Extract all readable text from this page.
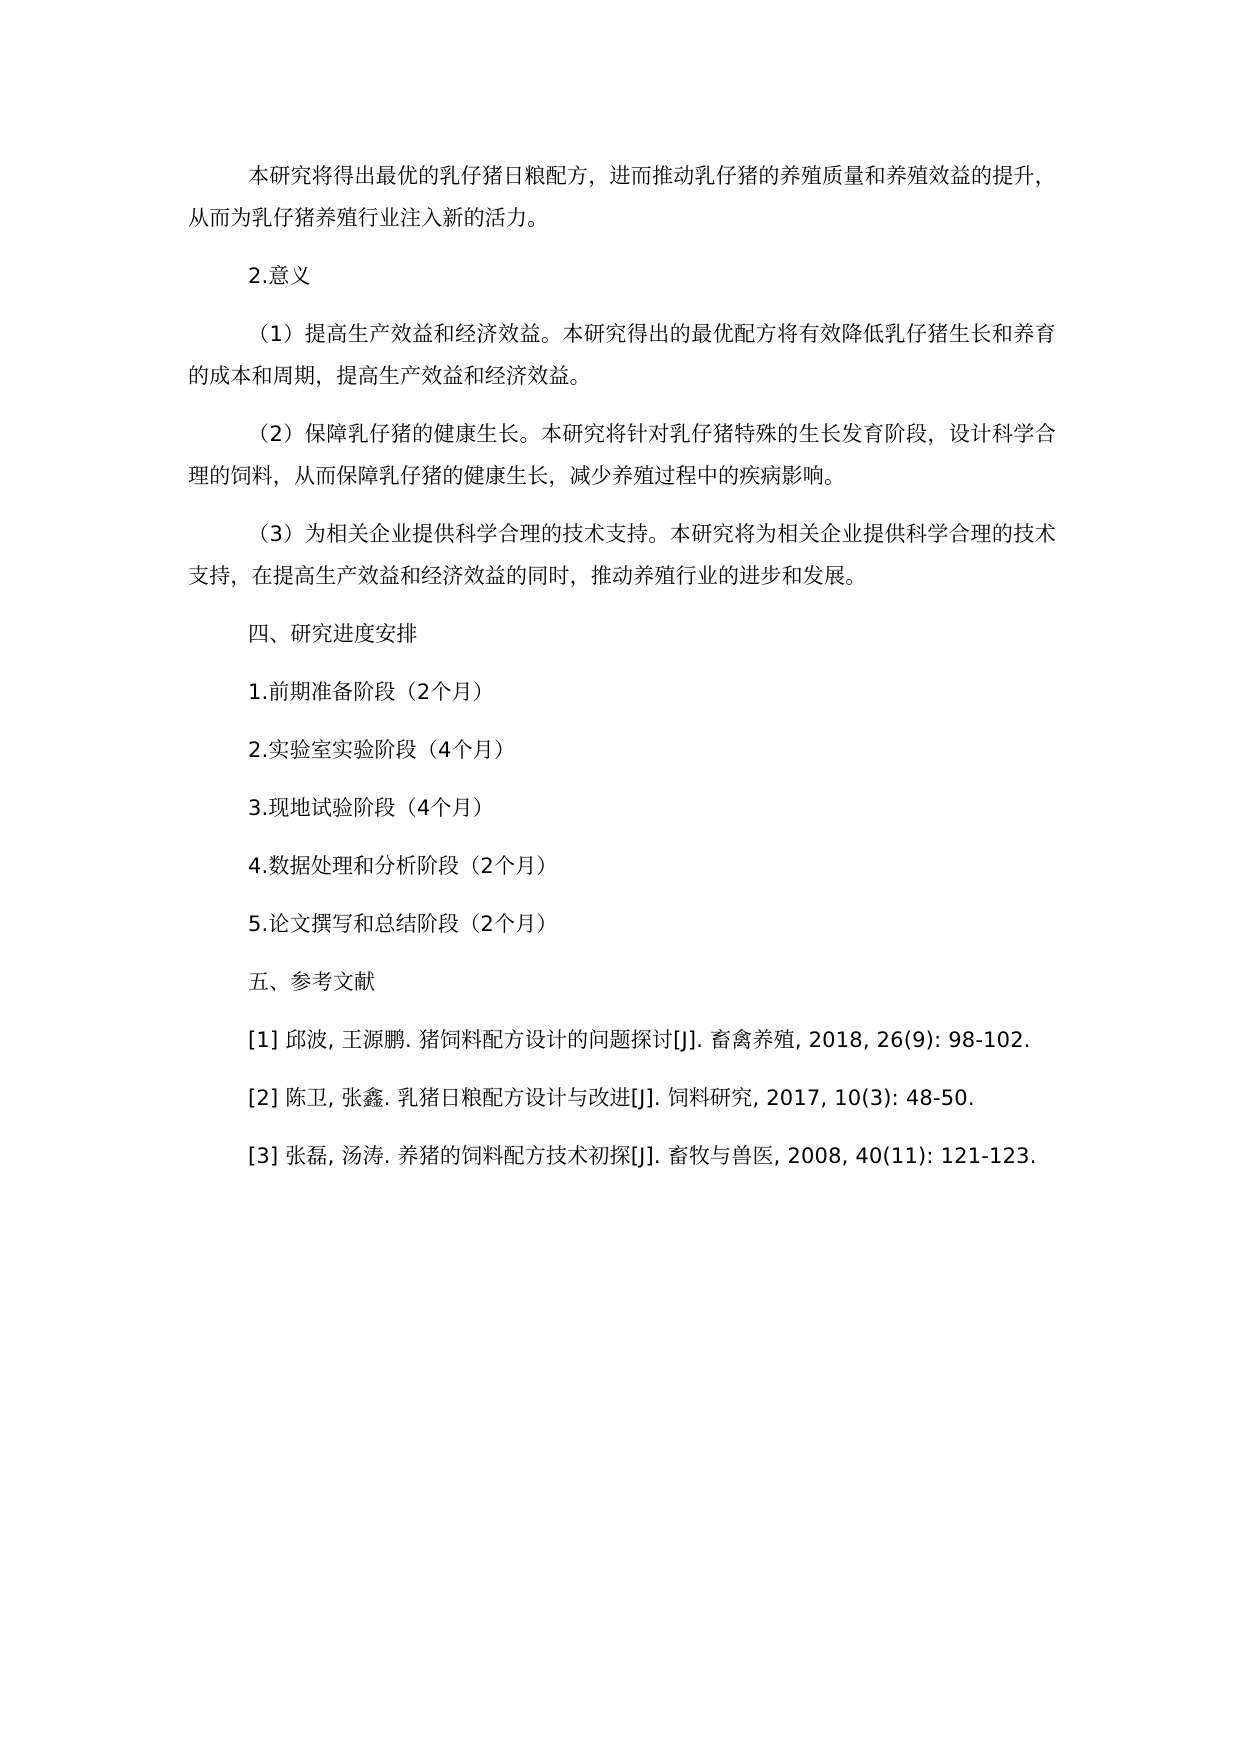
本研究将得出最优的乳仔猪日粮配方，进而推动乳仔猪的养殖质量和养殖效益的提升，从而为乳仔猪养殖行业注入新的活力。

2.意义

（1）提高生产效益和经济效益。本研究得出的最优配方将有效降低乳仔猪生长和养育的成本和周期，提高生产效益和经济效益。

（2）保障乳仔猪的健康生长。本研究将针对乳仔猪特殊的生长发育阶段，设计科学合理的饲料，从而保障乳仔猪的健康生长，减少养殖过程中的疾病影响。

（3）为相关企业提供科学合理的技术支持。本研究将为相关企业提供科学合理的技术支持，在提高生产效益和经济效益的同时，推动养殖行业的进步和发展。

四、研究进度安排

1.前期准备阶段（2个月）

2.实验室实验阶段（4个月）

3.现地试验阶段（4个月）

4.数据处理和分析阶段（2个月）

5.论文撰写和总结阶段（2个月）

五、参考文献

[1] 邱波, 王源鹏. 猪饲料配方设计的问题探讨[J]. 畜禽养殖, 2018, 26(9): 98-102.

[2] 陈卫, 张鑫. 乳猪日粮配方设计与改进[J]. 饲料研究, 2017, 10(3): 48-50.

[3] 张磊, 汤涛. 养猪的饲料配方技术初探[J]. 畜牧与兽医, 2008, 40(11): 121-123.
